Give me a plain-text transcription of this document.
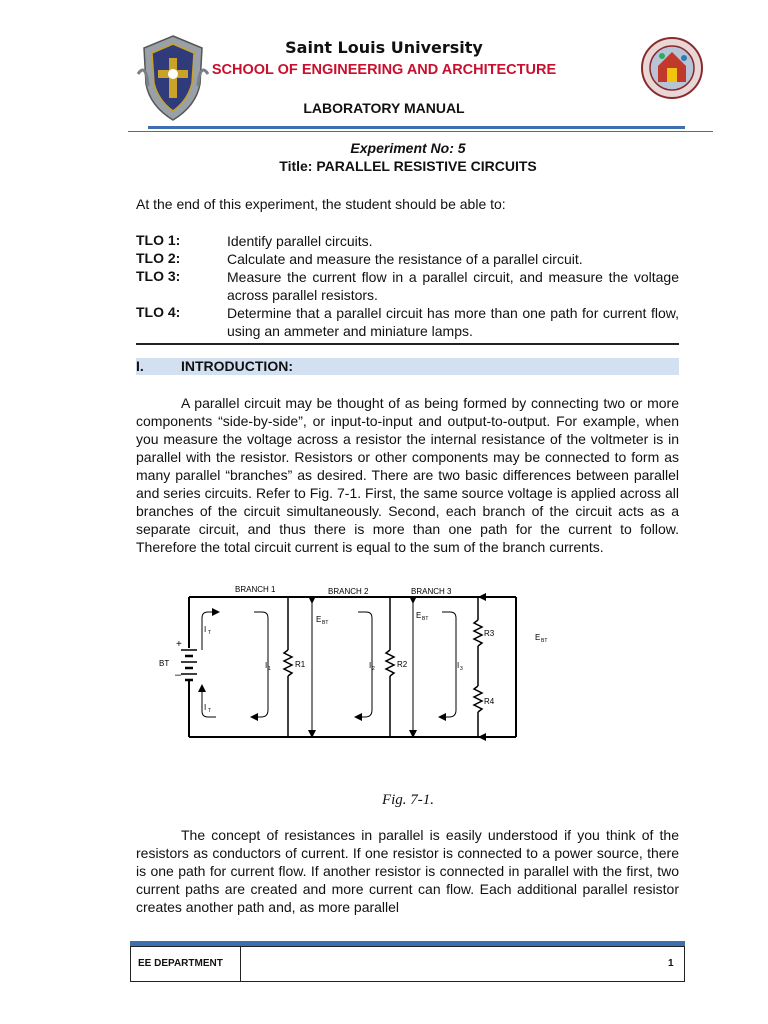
Saint Louis University
SCHOOL OF ENGINEERING AND ARCHITECTURE
LABORATORY MANUAL
Experiment No: 5
Title: PARALLEL RESISTIVE CIRCUITS
At the end of this experiment, the student should be able to:
TLO 1:	Identify parallel circuits.
TLO 2:	Calculate and measure the resistance of a parallel circuit.
TLO 3:	Measure the current flow in a parallel circuit, and measure the voltage across parallel resistors.
TLO 4:	Determine that a parallel circuit has more than one path for current flow, using an ammeter and miniature lamps.
I.	INTRODUCTION:
A parallel circuit may be thought of as being formed by connecting two or more components “side-by-side”, or input-to-input and output-to-output. For example, when you measure the voltage across a resistor the internal resistance of the voltmeter is in parallel with the resistor. Resistors or other components may be connected to form as many parallel “branches” as desired. There are two basic differences between parallel and series circuits. Refer to Fig. 7-1. First, the same source voltage is applied across all branches of the circuit simultaneously. Second, each branch of the circuit acts as a separate circuit, and thus there is more than one path for the current to follow. Therefore the total circuit current is equal to the sum of the branch currents.
+
–
BT	R1
E BT
R2
E BT
R3
R4
E BT
BRANCH 1	BRANCH 2	BRANCH 3
I T
I T
I 1	I 2	I 3
Fig. 7-1.
The concept of resistances in parallel is easily understood if you think of the resistors as conductors of current. If one resistor is connected to a power source, there is one path for current flow. If another resistor is connected in parallel with the first, two current paths are created and more current can flow. Each additional parallel resistor creates another path and, as more parallel
EE DEPARTMENT	1
